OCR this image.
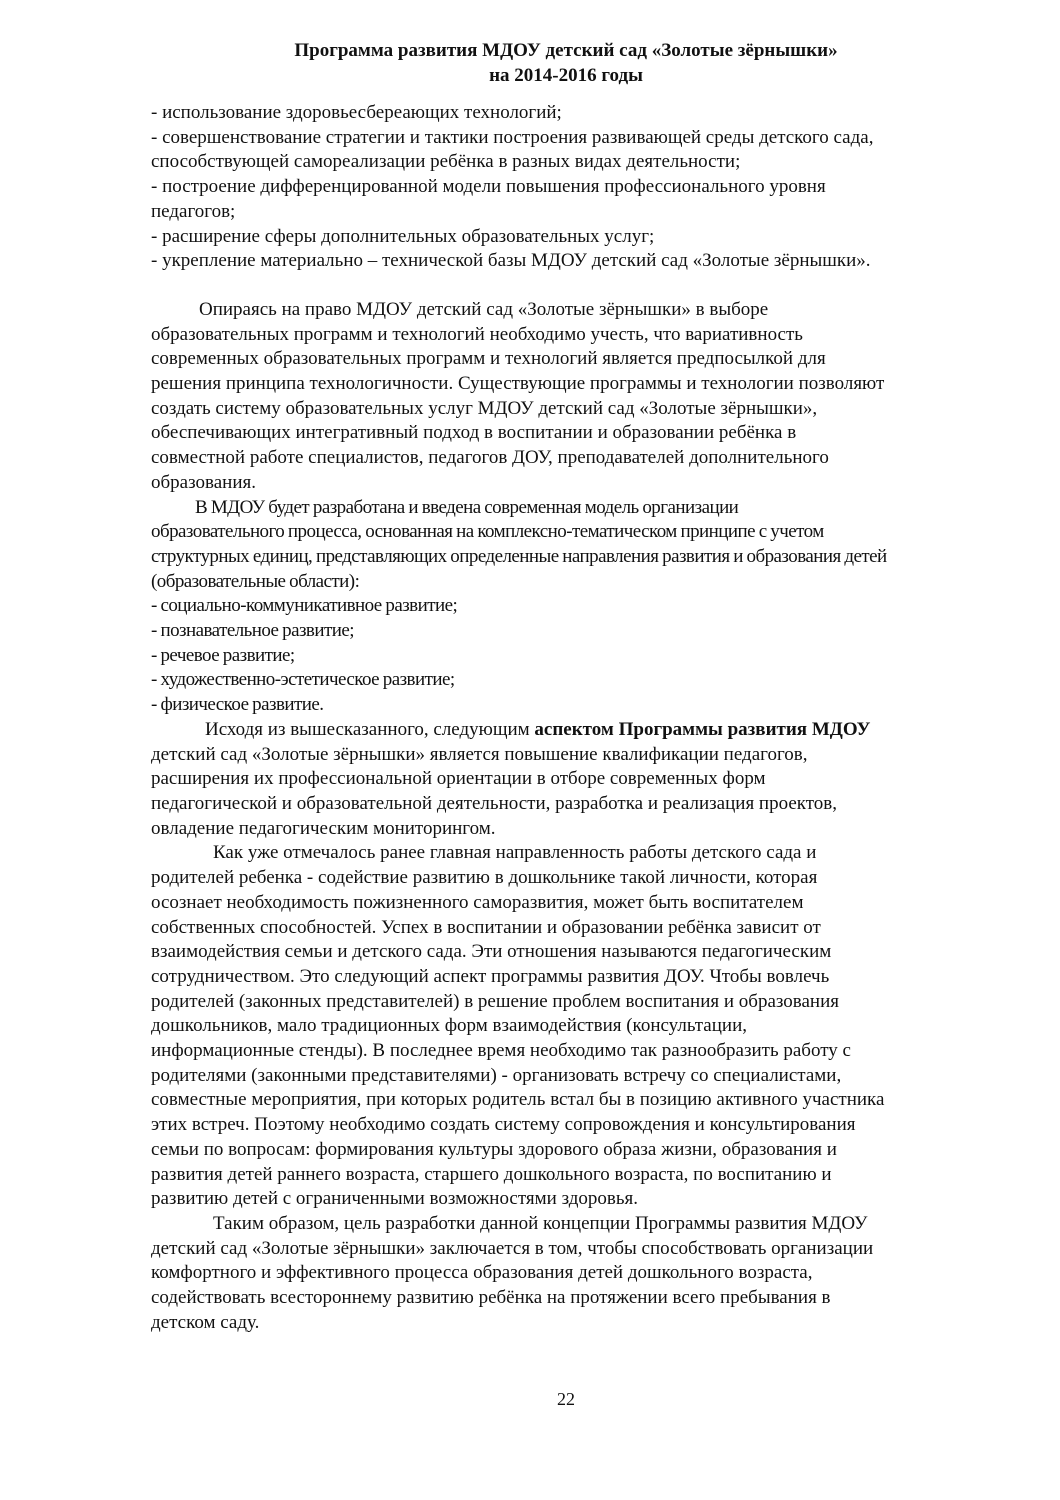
Программа развития МДОУ детский сад «Золотые зёрнышки»
на 2014-2016 годы
- использование здоровьесбереающих технологий;
- совершенствование стратегии и тактики построения развивающей среды детского сада,
способствующей самореализации ребёнка в разных видах деятельности;
- построение дифференцированной модели повышения профессионального уровня
педагогов;
- расширение сферы дополнительных образовательных услуг;
- укрепление материально – технической базы МДОУ детский сад «Золотые зёрнышки».
Опираясь на право МДОУ детский сад «Золотые зёрнышки» в выборе
образовательных программ и технологий необходимо учесть, что вариативность
современных образовательных программ и технологий является предпосылкой для
решения принципа технологичности. Существующие программы и технологии позволяют
создать систему образовательных услуг МДОУ детский сад «Золотые зёрнышки»,
обеспечивающих интегративный подход в воспитании и образовании ребёнка в
совместной работе специалистов, педагогов ДОУ, преподавателей дополнительного
образования.
В МДОУ будет разработана и введена современная модель организации
образовательного процесса, основанная на комплексно-тематическом принципе с учетом
структурных единиц, представляющих определенные направления развития и образования детей
(образовательные области):
- социально-коммуникативное развитие;
- познавательное развитие;
- речевое развитие;
- художественно-эстетическое развитие;
- физическое развитие.
Исходя из вышесказанного, следующим аспектом Программы развития МДОУ
детский сад «Золотые зёрнышки» является повышение квалификации педагогов,
расширения их профессиональной ориентации в отборе современных форм
педагогической и образовательной деятельности, разработка и реализация проектов,
овладение педагогическим мониторингом.
Как уже отмечалось ранее главная направленность работы детского сада и
родителей ребенка - содействие развитию в дошкольнике такой личности, которая
осознает необходимость пожизненного саморазвития, может быть воспитателем
собственных способностей. Успех в воспитании и образовании ребёнка зависит от
взаимодействия семьи и детского сада. Эти отношения называются педагогическим
сотрудничеством. Это следующий аспект программы развития ДОУ. Чтобы вовлечь
родителей (законных представителей) в решение проблем воспитания и образования
дошкольников, мало традиционных форм взаимодействия (консультации,
информационные стенды). В последнее время необходимо так разнообразить работу с
родителями (законными представителями) - организовать встречу со специалистами,
совместные мероприятия, при которых родитель встал бы в позицию активного участника
этих встреч. Поэтому необходимо создать систему сопровождения и консультирования
семьи по вопросам: формирования культуры здорового образа жизни, образования и
развития детей раннего возраста, старшего дошкольного возраста, по воспитанию и
развитию детей с ограниченными возможностями здоровья.
Таким образом, цель разработки данной концепции Программы развития МДОУ
детский сад «Золотые зёрнышки» заключается в том, чтобы способствовать организации
комфортного и эффективного процесса образования детей дошкольного возраста,
содействовать всестороннему развитию ребёнка на протяжении всего пребывания в
детском саду.
22
